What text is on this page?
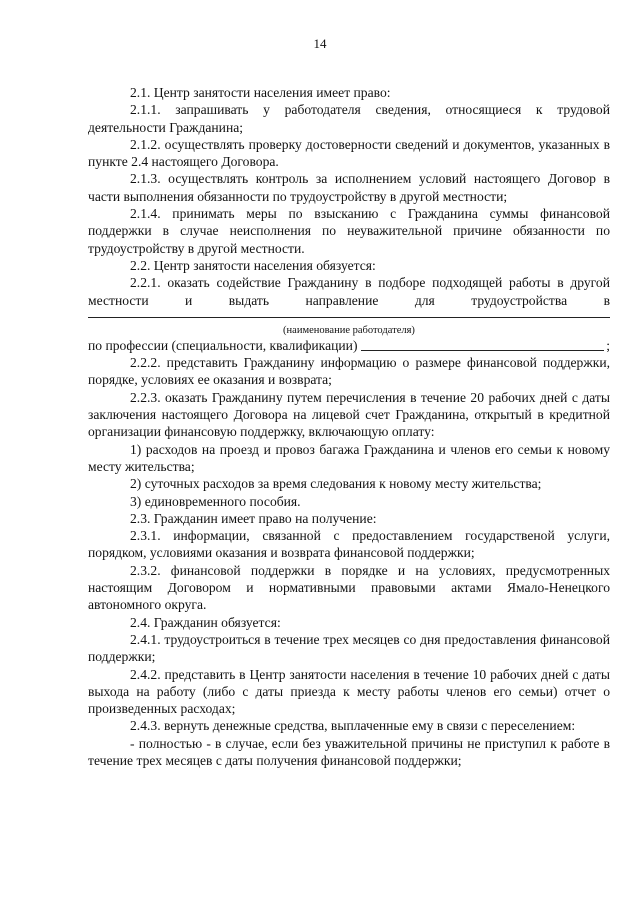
14

2.1. Центр занятости населения имеет право:

2.1.1. запрашивать у работодателя сведения, относящиеся к трудовой деятельности Гражданина;

2.1.2. осуществлять проверку достоверности сведений и документов, указанных в пункте 2.4 настоящего Договора.

2.1.3. осуществлять контроль за исполнением условий настоящего Договор в части выполнения обязанности по трудоустройству в другой местности;

2.1.4. принимать меры по взысканию с Гражданина суммы финансовой поддержки в случае неисполнения по неуважительной причине обязанности по трудоустройству в другой местности.

2.2. Центр занятости населения обязуется:

2.2.1. оказать содействие Гражданину в подборе подходящей работы в другой местности и выдать направление для трудоустройства в

(наименование работодателя)
по профессии (специальности, квалификации)	;

2.2.2. представить Гражданину информацию о размере финансовой поддержки, порядке, условиях ее оказания и возврата;

2.2.3. оказать Гражданину путем перечисления в течение 20 рабочих дней с даты заключения настоящего Договора на лицевой счет Гражданина, открытый в кредитной организации финансовую поддержку, включающую оплату:

1) расходов на проезд и провоз багажа Гражданина и членов его семьи к новому месту жительства;

2) суточных расходов за время следования к новому месту жительства;

3) единовременного пособия.

2.3. Гражданин имеет право на получение:

2.3.1. информации, связанной с предоставлением государственой услуги, порядком, условиями оказания и возврата финансовой поддержки;

2.3.2. финансовой поддержки в порядке и на условиях, предусмотренных настоящим Договором и нормативными правовыми актами Ямало-Ненецкого автономного округа.

2.4. Гражданин обязуется:

2.4.1. трудоустроиться в течение трех месяцев со дня предоставления финансовой поддержки;

2.4.2. представить в Центр занятости населения в течение 10 рабочих дней с даты выхода на работу (либо с даты приезда к месту работы членов его семьи) отчет о произведенных расходах;

2.4.3. вернуть денежные средства, выплаченные ему в связи с переселением:

- полностью - в случае, если без уважительной причины не приступил к работе в течение трех месяцев с даты получения финансовой поддержки;
